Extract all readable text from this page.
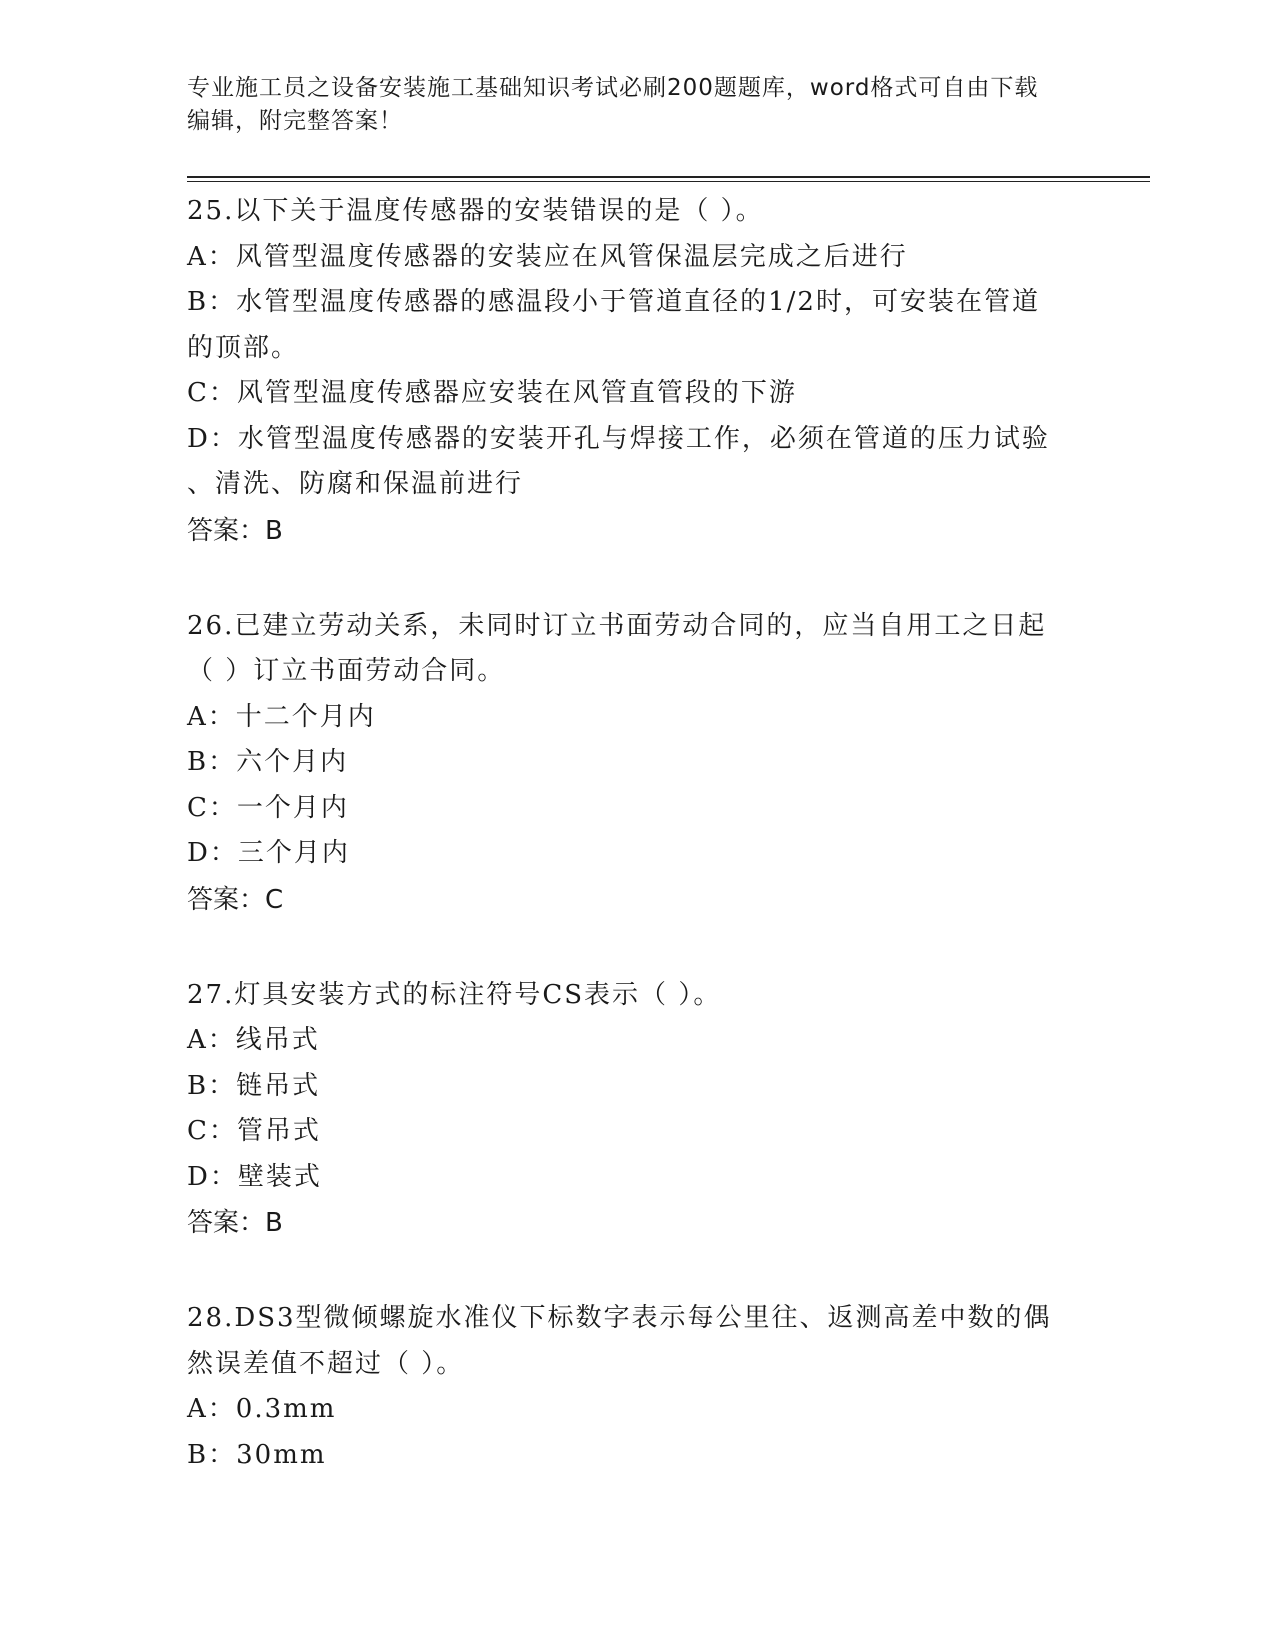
专业施工员之设备安装施工基础知识考试必刷200题题库，word格式可自由下载
编辑，附完整答案！

25.以下关于温度传感器的安装错误的是（ ）。

A：风管型温度传感器的安装应在风管保温层完成之后进行

B：水管型温度传感器的感温段小于管道直径的1/2时，可安装在管道

的顶部。

C：风管型温度传感器应安装在风管直管段的下游

D：水管型温度传感器的安装开孔与焊接工作，必须在管道的压力试验

、清洗、防腐和保温前进行

答案：B

26.已建立劳动关系，未同时订立书面劳动合同的，应当自用工之日起

（ ）订立书面劳动合同。

A：十二个月内

B：六个月内

C：一个月内

D：三个月内

答案：C

27.灯具安装方式的标注符号CS表示（ ）。

A：线吊式

B：链吊式

C：管吊式

D：壁装式

答案：B

28.DS3型微倾螺旋水准仪下标数字表示每公里往、返测高差中数的偶

然误差值不超过（ ）。

A：0.3mm

B：30mm
